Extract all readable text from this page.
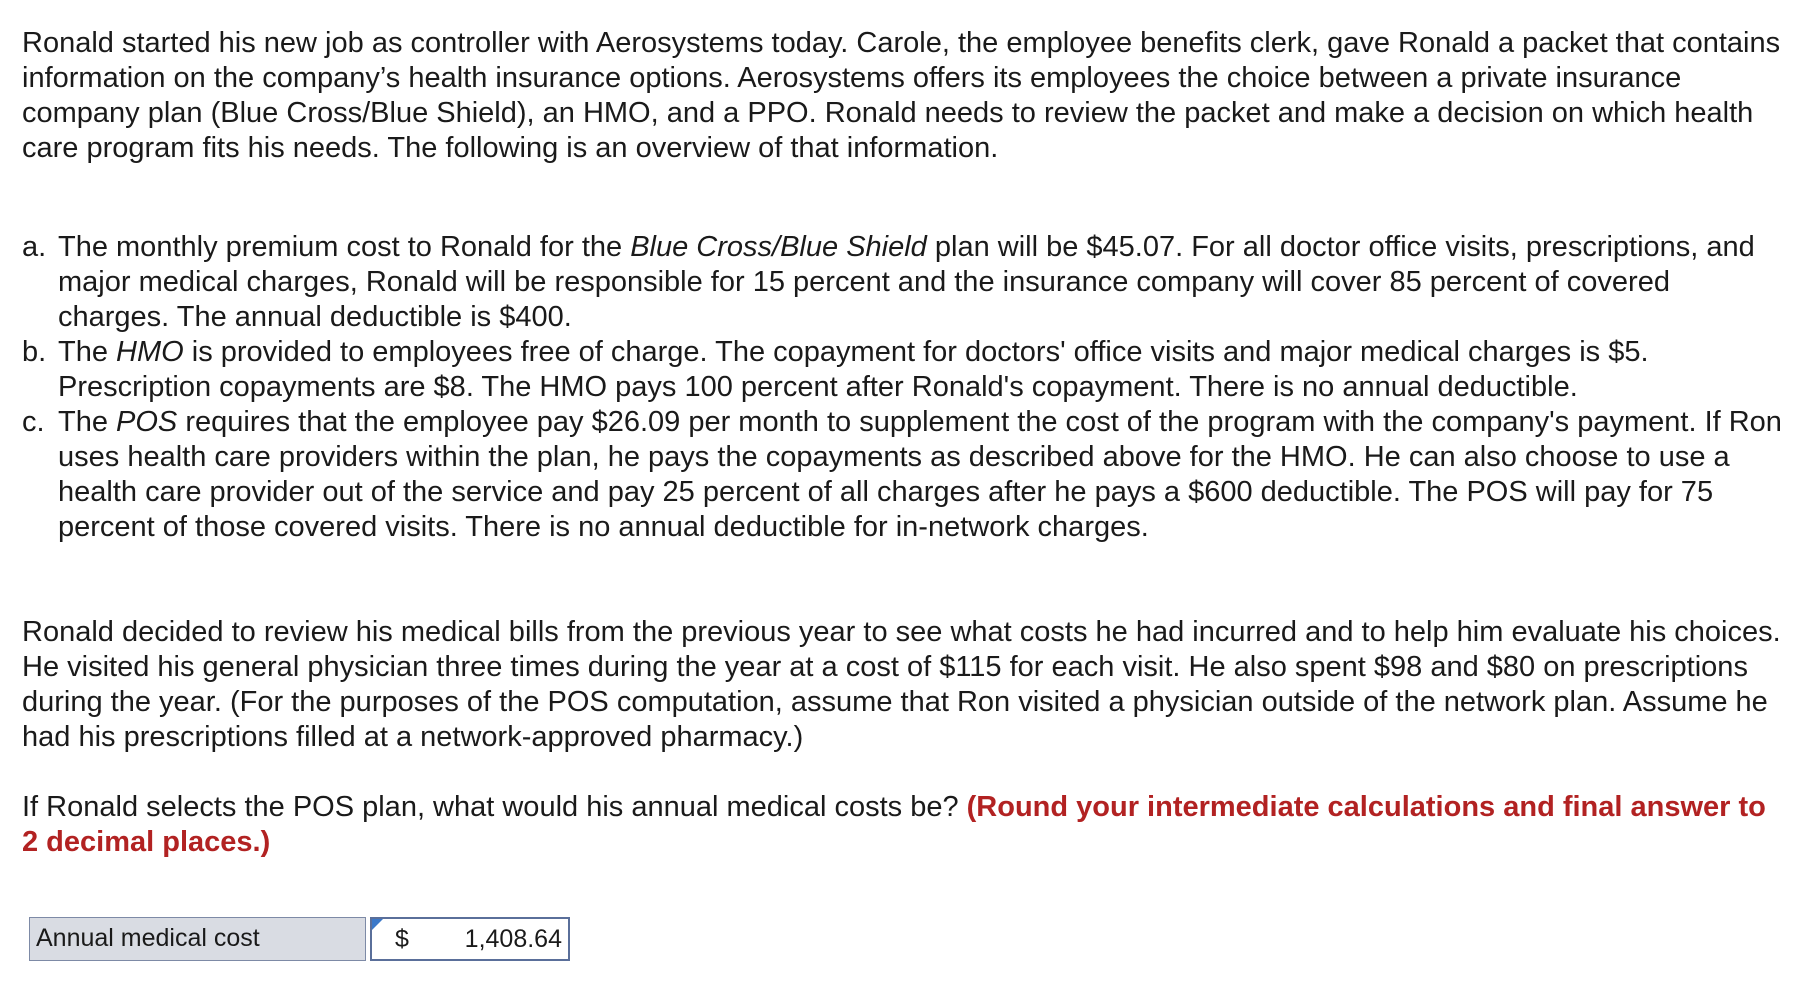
Ronald started his new job as controller with Aerosystems today. Carole, the employee benefits clerk, gave Ronald a packet that contains information on the company’s health insurance options. Aerosystems offers its employees the choice between a private insurance company plan (Blue Cross/Blue Shield), an HMO, and a PPO. Ronald needs to review the packet and make a decision on which health care program fits his needs. The following is an overview of that information.

a. The monthly premium cost to Ronald for the Blue Cross/Blue Shield plan will be $45.07. For all doctor office visits, prescriptions, and major medical charges, Ronald will be responsible for 15 percent and the insurance company will cover 85 percent of covered charges. The annual deductible is $400.
b. The HMO is provided to employees free of charge. The copayment for doctors' office visits and major medical charges is $5. Prescription copayments are $8. The HMO pays 100 percent after Ronald's copayment. There is no annual deductible.
c. The POS requires that the employee pay $26.09 per month to supplement the cost of the program with the company's payment. If Ron uses health care providers within the plan, he pays the copayments as described above for the HMO. He can also choose to use a health care provider out of the service and pay 25 percent of all charges after he pays a $600 deductible. The POS will pay for 75 percent of those covered visits. There is no annual deductible for in-network charges.

Ronald decided to review his medical bills from the previous year to see what costs he had incurred and to help him evaluate his choices. He visited his general physician three times during the year at a cost of $115 for each visit. He also spent $98 and $80 on prescriptions during the year. (For the purposes of the POS computation, assume that Ron visited a physician outside of the network plan. Assume he had his prescriptions filled at a network-approved pharmacy.)

If Ronald selects the POS plan, what would his annual medical costs be? (Round your intermediate calculations and final answer to 2 decimal places.)

Annual medical cost	$ 1,408.64
